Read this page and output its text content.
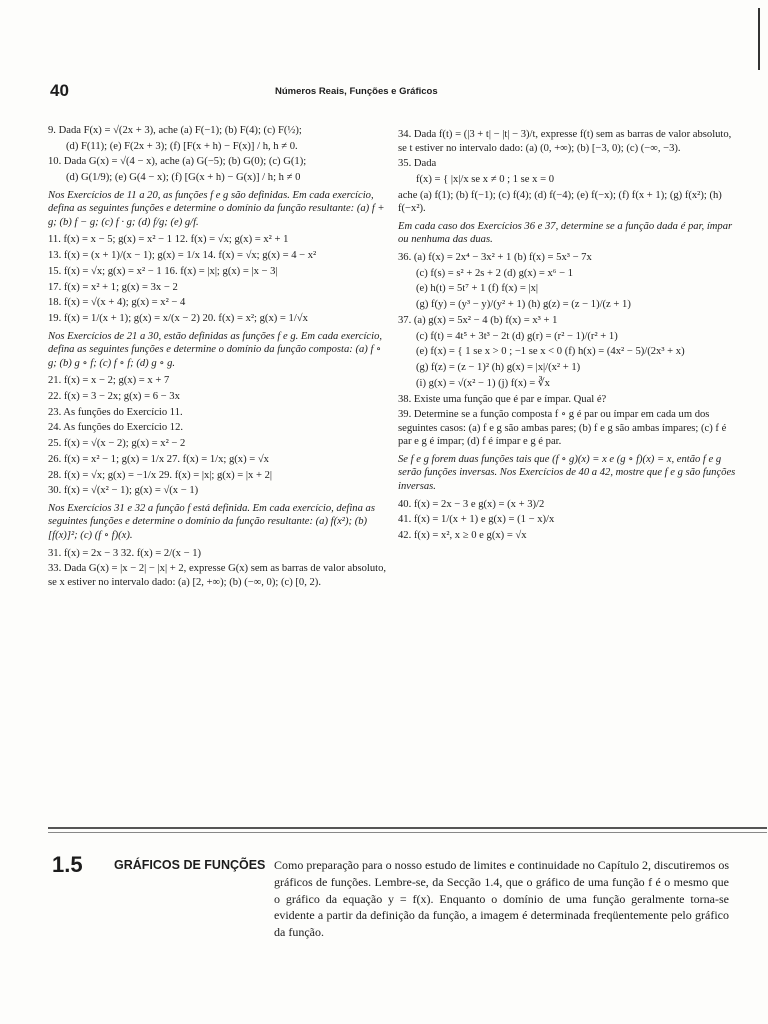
40	Números Reais, Funções e Gráficos
9. Dada F(x) = √(2x + 3), ache (a) F(−1); (b) F(4); (c) F(½);
(d) F(11); (e) F(2x + 3); (f) [F(x + h) − F(x)] / h, h ≠ 0.
10. Dada G(x) = √(4 − x), ache (a) G(−5); (b) G(0); (c) G(1);
(d) G(1/9); (e) G(4 − x); (f) [G(x + h) − G(x)] / h; h ≠ 0
Nos Exercícios de 11 a 20, as funções f e g são definidas. Em cada exercício, defina as seguintes funções e determine o domínio da função resultante: (a) f + g; (b) f − g; (c) f · g; (d) f/g; (e) g/f.
11. f(x) = x − 5; g(x) = x² − 1 12. f(x) = √x; g(x) = x² + 1
13. f(x) = (x + 1)/(x − 1); g(x) = 1/x 14. f(x) = √x; g(x) = 4 − x²
15. f(x) = √x; g(x) = x² − 1 16. f(x) = |x|; g(x) = |x − 3|
17. f(x) = x² + 1; g(x) = 3x − 2
18. f(x) = √(x + 4); g(x) = x² − 4
19. f(x) = 1/(x + 1); g(x) = x/(x − 2) 20. f(x) = x²; g(x) = 1/√x
Nos Exercícios de 21 a 30, estão definidas as funções f e g. Em cada exercício, defina as seguintes funções e determine o domínio da função composta: (a) f ∘ g; (b) g ∘ f; (c) f ∘ f; (d) g ∘ g.
21. f(x) = x − 2; g(x) = x + 7
22. f(x) = 3 − 2x; g(x) = 6 − 3x
23. As funções do Exercício 11.
24. As funções do Exercício 12.
25. f(x) = √(x − 2); g(x) = x² − 2
26. f(x) = x² − 1; g(x) = 1/x 27. f(x) = 1/x; g(x) = √x
28. f(x) = √x; g(x) = −1/x 29. f(x) = |x|; g(x) = |x + 2|
30. f(x) = √(x² − 1); g(x) = √(x − 1)
Nos Exercícios 31 e 32 a função f está definida. Em cada exercício, defina as seguintes funções e determine o domínio da função resultante: (a) f(x²); (b) [f(x)]²; (c) (f ∘ f)(x).
31. f(x) = 2x − 3 32. f(x) = 2/(x − 1)
33. Dada G(x) = |x − 2| − |x| + 2, expresse G(x) sem as barras de valor absoluto, se x estiver no intervalo dado: (a) [2, +∞); (b) (−∞, 0); (c) [0, 2).
34. Dada f(t) = (|3 + t| − |t| − 3)/t, expresse f(t) sem as barras de valor absoluto, se t estiver no intervalo dado: (a) (0, +∞); (b) [−3, 0); (c) (−∞, −3).
35. Dada
f(x) = { |x|/x se x ≠ 0 ; 1 se x = 0
ache (a) f(1); (b) f(−1); (c) f(4); (d) f(−4); (e) f(−x); (f) f(x + 1); (g) f(x²); (h) f(−x²).
Em cada caso dos Exercícios 36 e 37, determine se a função dada é par, ímpar ou nenhuma das duas.
36. (a) f(x) = 2x⁴ − 3x² + 1 (b) f(x) = 5x³ − 7x
(c) f(s) = s² + 2s + 2 (d) g(x) = x⁶ − 1
(e) h(t) = 5t⁷ + 1 (f) f(x) = |x|
(g) f(y) = (y³ − y)/(y² + 1) (h) g(z) = (z − 1)/(z + 1)
37. (a) g(x) = 5x² − 4 (b) f(x) = x³ + 1
(c) f(t) = 4t⁵ + 3t³ − 2t (d) g(r) = (r² − 1)/(r² + 1)
(e) f(x) = { 1 se x > 0 ; −1 se x < 0 (f) h(x) = (4x² − 5)/(2x³ + x)
(g) f(z) = (z − 1)² (h) g(x) = |x|/(x² + 1)
(i) g(x) = √(x² − 1) (j) f(x) = ∛x
38. Existe uma função que é par e ímpar. Qual é?
39. Determine se a função composta f ∘ g é par ou ímpar em cada um dos seguintes casos: (a) f e g são ambas pares; (b) f e g são ambas ímpares; (c) f é par e g é ímpar; (d) f é ímpar e g é par.
Se f e g forem duas funções tais que (f ∘ g)(x) = x e (g ∘ f)(x) = x, então f e g serão funções inversas. Nos Exercícios de 40 a 42, mostre que f e g são funções inversas.
40. f(x) = 2x − 3 e g(x) = (x + 3)/2
41. f(x) = 1/(x + 1) e g(x) = (1 − x)/x
42. f(x) = x², x ≥ 0 e g(x) = √x
1.5	GRÁFICOS DE FUNÇÕES Como preparação para o nosso estudo de limites e continuidade no Capítulo 2, discutiremos os gráficos de funções. Lembre-se, da Secção 1.4, que o gráfico de uma função f é o mesmo que o gráfico da equação y = f(x). Enquanto o domínio de uma função geralmente torna-se evidente a partir da definição da função, a imagem é determinada freqüentemente pelo gráfico da função.
